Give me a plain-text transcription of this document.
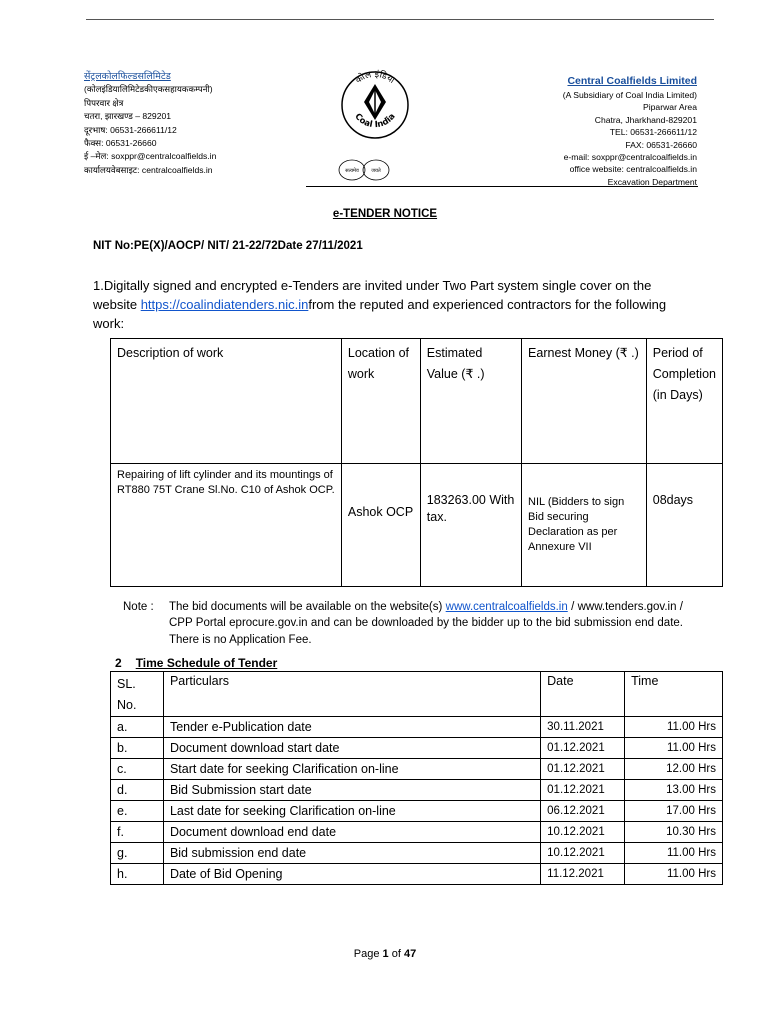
सेंट्रलकोलफिल्डसलिमिटेड
(कोलइंडियालिमिटेडकीएकसहायककम्पनी)
पिपरवार क्षेत्र
चतरा, झारखण्ड – 829201
दूरभाष: 06531-266611/12
फैक्स: 06531-26660
ई –मेल: soxppr@centralcoalfields.in
कार्यालयवेबसाइट: centralcoalfields.in
कोल इंडिया
Coal India
सत्यमेव	जयते
Central Coalfields Limited
(A Subsidiary of Coal India Limited)
Piparwar Area
Chatra, Jharkhand-829201
TEL: 06531-266611/12
FAX: 06531-26660
e-mail: soxppr@centralcoalfields.in
office website: centralcoalfields.in
Excavation Department
e-TENDER NOTICE
NIT No:PE(X)/AOCP/ NIT/ 21-22/72Date 27/11/2021
1.Digitally signed and encrypted e-Tenders are invited under Two Part system single cover on the website https://coalindiatenders.nic.infrom the reputed and experienced contractors for the following work:
Description of work	Location of work	Estimated Value (₹ .)	Earnest Money (₹ .)	Period of Completion (in Days)
Repairing of lift cylinder and its mountings of RT880 75T Crane Sl.No. C10 of Ashok OCP.	Ashok OCP	183263.00 With tax.	NIL (Bidders to sign Bid securing Declaration as per Annexure VII	08days
Note : The bid documents will be available on the website(s) www.centralcoalfields.in / www.tenders.gov.in / CPP Portal eprocure.gov.in and can be downloaded by the bidder up to the bid submission end date. There is no Application Fee.
2 Time Schedule of Tender
SL. No.	Particulars	Date	Time
a.	Tender e-Publication date	30.11.2021	11.00 Hrs
b.	Document download start date	01.12.2021	11.00 Hrs
c.	Start date for seeking Clarification on-line	01.12.2021	12.00 Hrs
d.	Bid Submission start date	01.12.2021	13.00 Hrs
e.	Last date for seeking Clarification on-line	06.12.2021	17.00 Hrs
f.	Document download end date	10.12.2021	10.30 Hrs
g.	Bid submission end date	10.12.2021	11.00 Hrs
h.	Date of Bid Opening	11.12.2021	11.00 Hrs
Page 1 of 47
